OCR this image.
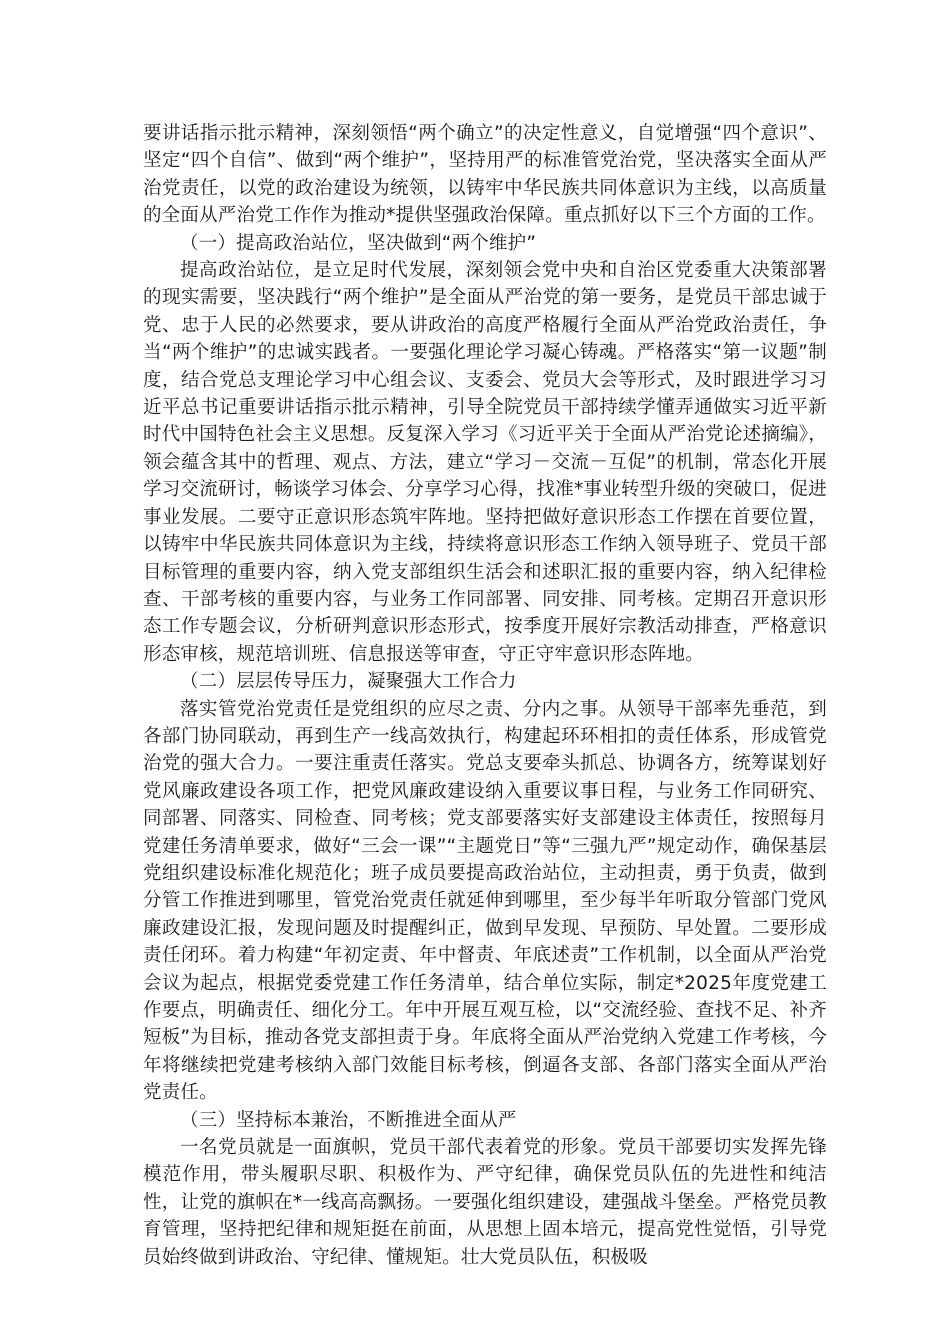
要讲话指示批示精神，深刻领悟“两个确立”的决定性意义，自觉增强“四个意识”、坚定“四个自信”、做到“两个维护”，坚持用严的标准管党治党，坚决落实全面从严治党责任，以党的政治建设为统领，以铸牢中华民族共同体意识为主线，以高质量的全面从严治党工作作为推动*提供坚强政治保障。重点抓好以下三个方面的工作。

（一）提高政治站位，坚决做到“两个维护”

提高政治站位，是立足时代发展，深刻领会党中央和自治区党委重大决策部署的现实需要，坚决践行“两个维护”是全面从严治党的第一要务，是党员干部忠诚于党、忠于人民的必然要求，要从讲政治的高度严格履行全面从严治党政治责任，争当“两个维护”的忠诚实践者。一要强化理论学习凝心铸魂。严格落实“第一议题”制度，结合党总支理论学习中心组会议、支委会、党员大会等形式，及时跟进学习习近平总书记重要讲话指示批示精神，引导全院党员干部持续学懂弄通做实习近平新时代中国特色社会主义思想。反复深入学习《习近平关于全面从严治党论述摘编》，领会蕴含其中的哲理、观点、方法，建立“学习－交流－互促”的机制，常态化开展学习交流研讨，畅谈学习体会、分享学习心得，找准*事业转型升级的突破口，促进事业发展。二要守正意识形态筑牢阵地。坚持把做好意识形态工作摆在首要位置，以铸牢中华民族共同体意识为主线，持续将意识形态工作纳入领导班子、党员干部目标管理的重要内容，纳入党支部组织生活会和述职汇报的重要内容，纳入纪律检查、干部考核的重要内容，与业务工作同部署、同安排、同考核。定期召开意识形态工作专题会议，分析研判意识形态形式，按季度开展好宗教活动排查，严格意识形态审核，规范培训班、信息报送等审查，守正守牢意识形态阵地。

（二）层层传导压力，凝聚强大工作合力

落实管党治党责任是党组织的应尽之责、分内之事。从领导干部率先垂范，到各部门协同联动，再到生产一线高效执行，构建起环环相扣的责任体系，形成管党治党的强大合力。一要注重责任落实。党总支要牵头抓总、协调各方，统筹谋划好党风廉政建设各项工作，把党风廉政建设纳入重要议事日程，与业务工作同研究、同部署、同落实、同检查、同考核；党支部要落实好支部建设主体责任，按照每月党建任务清单要求，做好“三会一课”“主题党日”等“三强九严”规定动作，确保基层党组织建设标准化规范化；班子成员要提高政治站位，主动担责，勇于负责，做到分管工作推进到哪里，管党治党责任就延伸到哪里，至少每半年听取分管部门党风廉政建设汇报，发现问题及时提醒纠正，做到早发现、早预防、早处置。二要形成责任闭环。着力构建“年初定责、年中督责、年底述责”工作机制，以全面从严治党会议为起点，根据党委党建工作任务清单，结合单位实际，制定*2025年度党建工作要点，明确责任、细化分工。年中开展互观互检，以“交流经验、查找不足、补齐短板”为目标，推动各党支部担责于身。年底将全面从严治党纳入党建工作考核，今年将继续把党建考核纳入部门效能目标考核，倒逼各支部、各部门落实全面从严治党责任。

（三）坚持标本兼治，不断推进全面从严

一名党员就是一面旗帜，党员干部代表着党的形象。党员干部要切实发挥先锋模范作用，带头履职尽职、积极作为、严守纪律，确保党员队伍的先进性和纯洁性，让党的旗帜在*一线高高飘扬。一要强化组织建设，建强战斗堡垒。严格党员教育管理，坚持把纪律和规矩挺在前面，从思想上固本培元，提高党性觉悟，引导党员始终做到讲政治、守纪律、懂规矩。壮大党员队伍，积极吸
